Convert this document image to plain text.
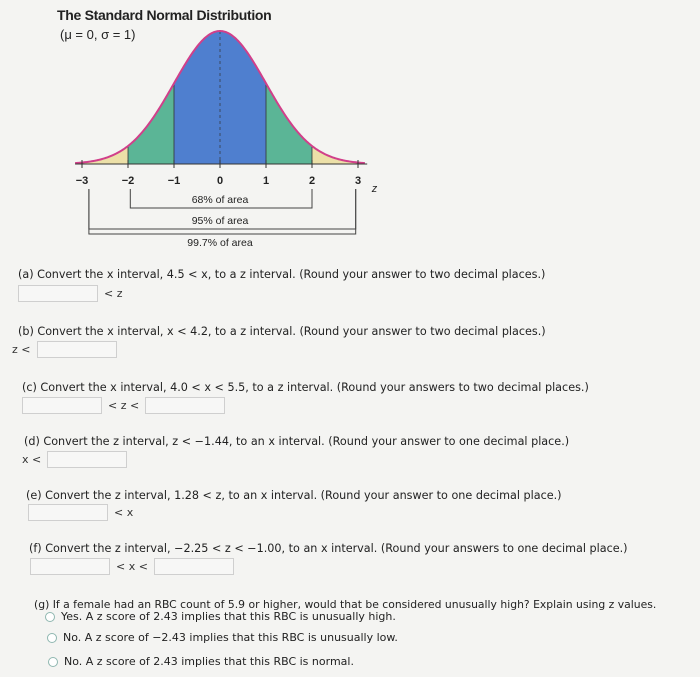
The Standard Normal Distribution
(μ = 0, σ = 1)
−3	−2	−1	0	1	2	3
z
68% of area
95% of area
99.7% of area
(a) Convert the x interval, 4.5 < x, to a z interval. (Round your answer to two decimal places.)
< z
(b) Convert the x interval, x < 4.2, to a z interval. (Round your answer to two decimal places.)
z <
(c) Convert the x interval, 4.0 < x < 5.5, to a z interval. (Round your answers to two decimal places.)
< z <
(d) Convert the z interval, z < −1.44, to an x interval. (Round your answer to one decimal place.)
x <
(e) Convert the z interval, 1.28 < z, to an x interval. (Round your answer to one decimal place.)
< x
(f) Convert the z interval, −2.25 < z < −1.00, to an x interval. (Round your answers to one decimal place.)
< x <
(g) If a female had an RBC count of 5.9 or higher, would that be considered unusually high? Explain using z values.
Yes. A z score of 2.43 implies that this RBC is unusually high.
No. A z score of −2.43 implies that this RBC is unusually low.
No. A z score of 2.43 implies that this RBC is normal.
